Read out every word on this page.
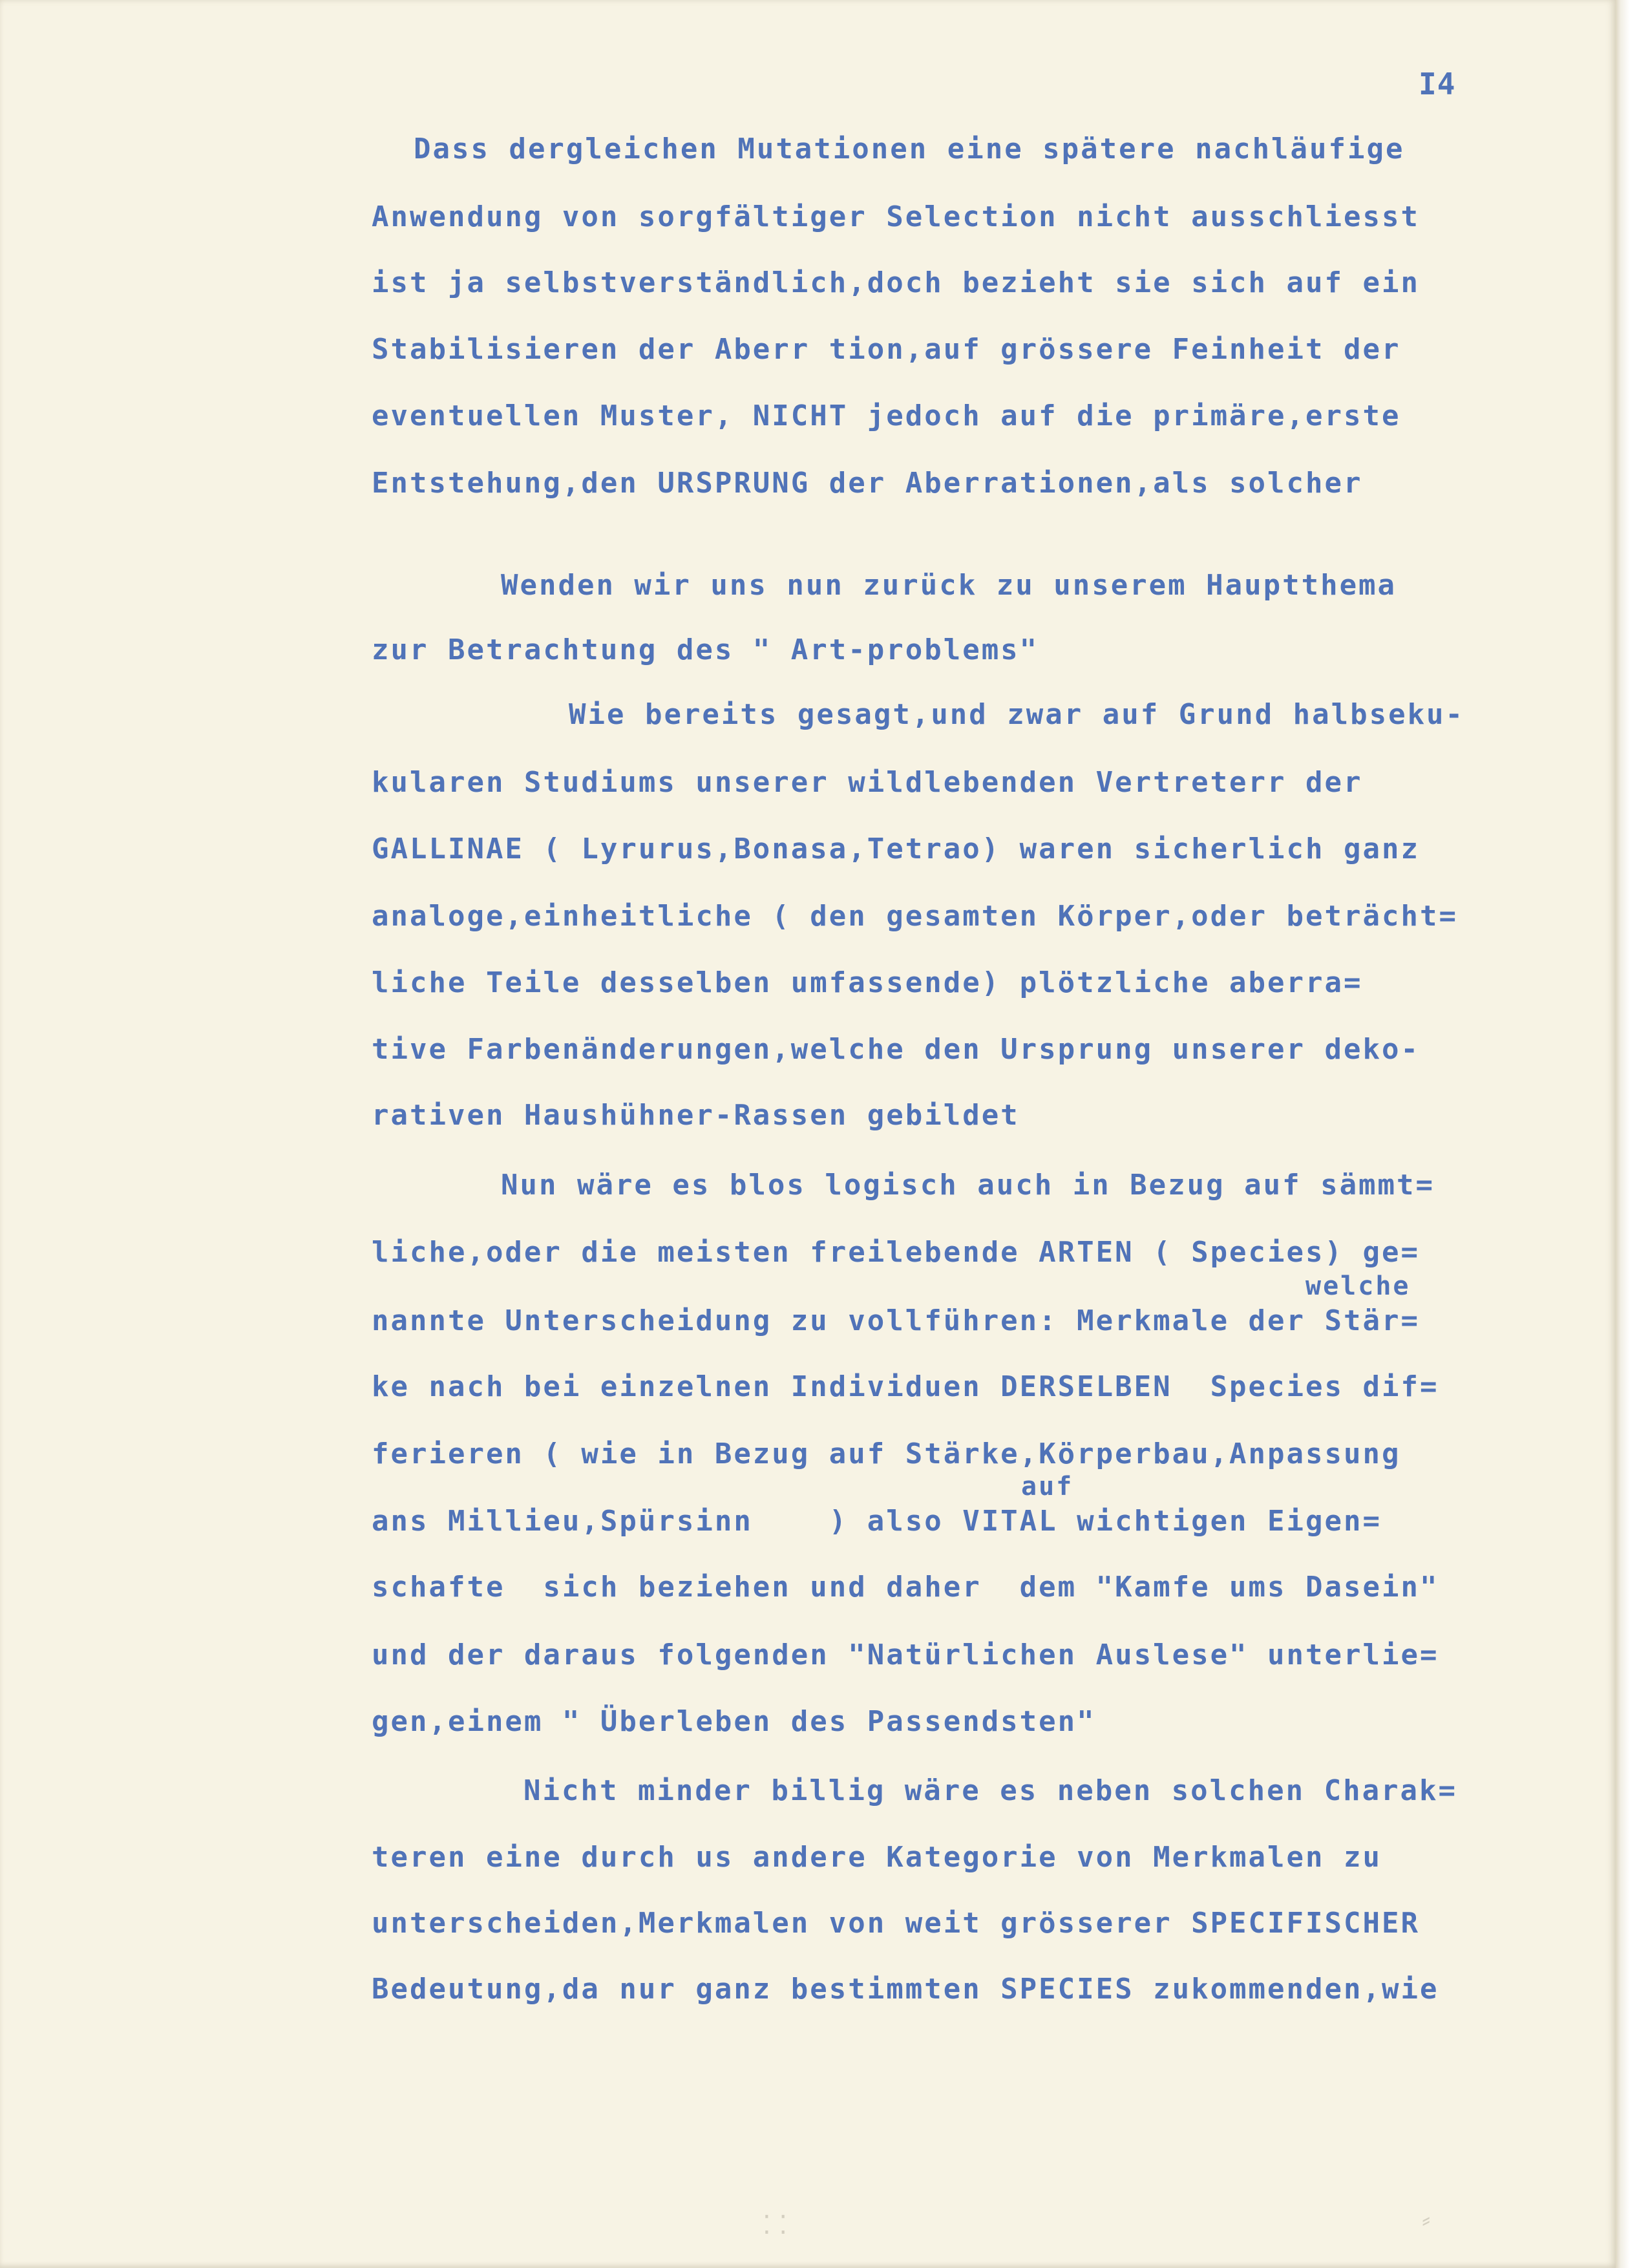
I4
Dass dergleichen Mutationen eine spätere nachläufige
Anwendung von sorgfältiger Selection nicht ausschliesst
ist ja selbstverständlich,doch bezieht sie sich auf ein
Stabilisieren der Aberr tion,auf grössere Feinheit der
eventuellen Muster, NICHT jedoch auf die primäre,erste
Entstehung,den URSPRUNG der Aberrationen,als solcher
Wenden wir uns nun zurück zu unserem Hauptthema
zur Betrachtung des " Art-problems"
Wie bereits gesagt,und zwar auf Grund halbseku-
kularen Studiums unserer wildlebenden Vertreterr der
GALLINAE ( Lyrurus,Bonasa,Tetrao) waren sicherlich ganz
analoge,einheitliche ( den gesamten Körper,oder beträcht=
liche Teile desselben umfassende) plötzliche aberra=
tive Farbenänderungen,welche den Ursprung unserer deko-
rativen Haushühner-Rassen gebildet
Nun wäre es blos logisch auch in Bezug auf sämmt=
liche,oder die meisten freilebende ARTEN ( Species) ge=
welche
nannte Unterscheidung zu vollführen: Merkmale der Stär=
ke nach bei einzelnen Individuen DERSELBEN  Species dif=
ferieren ( wie in Bezug auf Stärke,Körperbau,Anpassung
auf
ans Millieu,Spürsinn    ) also VITAL wichtigen Eigen=
schafte  sich beziehen und daher  dem "Kamfe ums Dasein"
und der daraus folgenden "Natürlichen Auslese" unterlie=
gen,einem " Überleben des Passendsten"
Nicht minder billig wäre es neben solchen Charak=
teren eine durch us andere Kategorie von Merkmalen zu
unterscheiden,Merkmalen von weit grösserer SPECIFISCHER
Bedeutung,da nur ganz bestimmten SPECIES zukommenden,wie
⁚ ⁚	⸗
